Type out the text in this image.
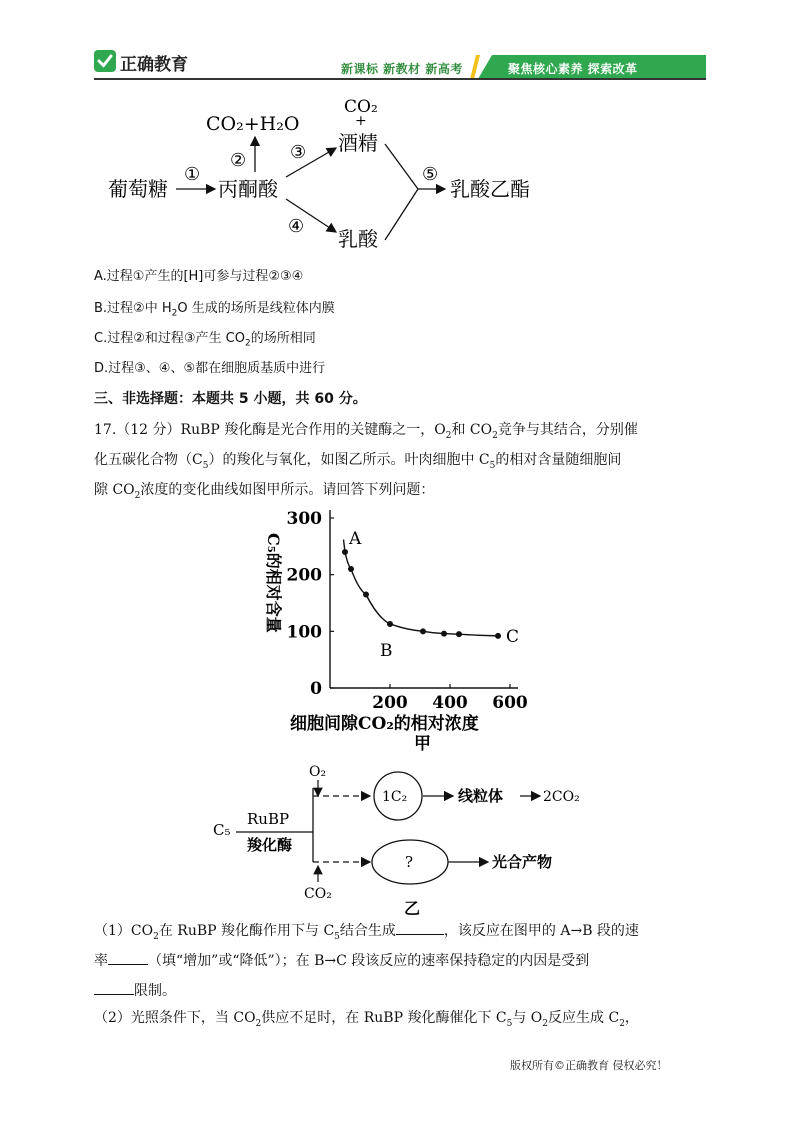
正确教育	新课标 新教材 新高考	聚焦核心素养 探索改革
葡萄糖
①
丙酮酸
②
CO₂+H₂O
③
④
CO₂
+
酒精
乳酸
⑤
乳酸乙酯
A.过程①产生的[H]可参与过程②③④
B.过程②中 $H_2O$ 生成的场所是线粒体内膜
C.过程②和过程③产生 $CO_2$的场所相同
D.过程③、④、⑤都在细胞质基质中进行
三、非选择题：本题共 5 小题，共 60 分。
17.（12 分）RuBP 羧化酶是光合作用的关键酶之一，$O_2$和 $CO_2$竞争与其结合，分别催
化五碳化合物$(C_5)$的羧化与氧化，如图乙所示。叶肉细胞中 $C_5$的相对含量随细胞间
隙 $CO_2$浓度的变化曲线如图甲所示。请回答下列问题：
0
100
200
300
200 400 600
A
B
C
细胞间隙CO₂的相对浓度
甲
C₅的相对含量
C₅
RuBP
羧化酶
O₂
1C₂	线粒体	2CO₂
?	光合产物
CO₂
乙
$(1)CO_2$在 RuBP 羧化酶作用下与 $C_5$结合生成	，该反应在图甲的 A→B 段的速
率	（填“增加”或“降低”）；在 B→C 段该反应的速率保持稳定的内因是受到
限制。
（2）光照条件下，当 $CO_2$供应不足时，在 RuBP 羧化酶催化下 $C_5$与 $O_2$反应生成 $C_2$，
版权所有©正确教育 侵权必究！
